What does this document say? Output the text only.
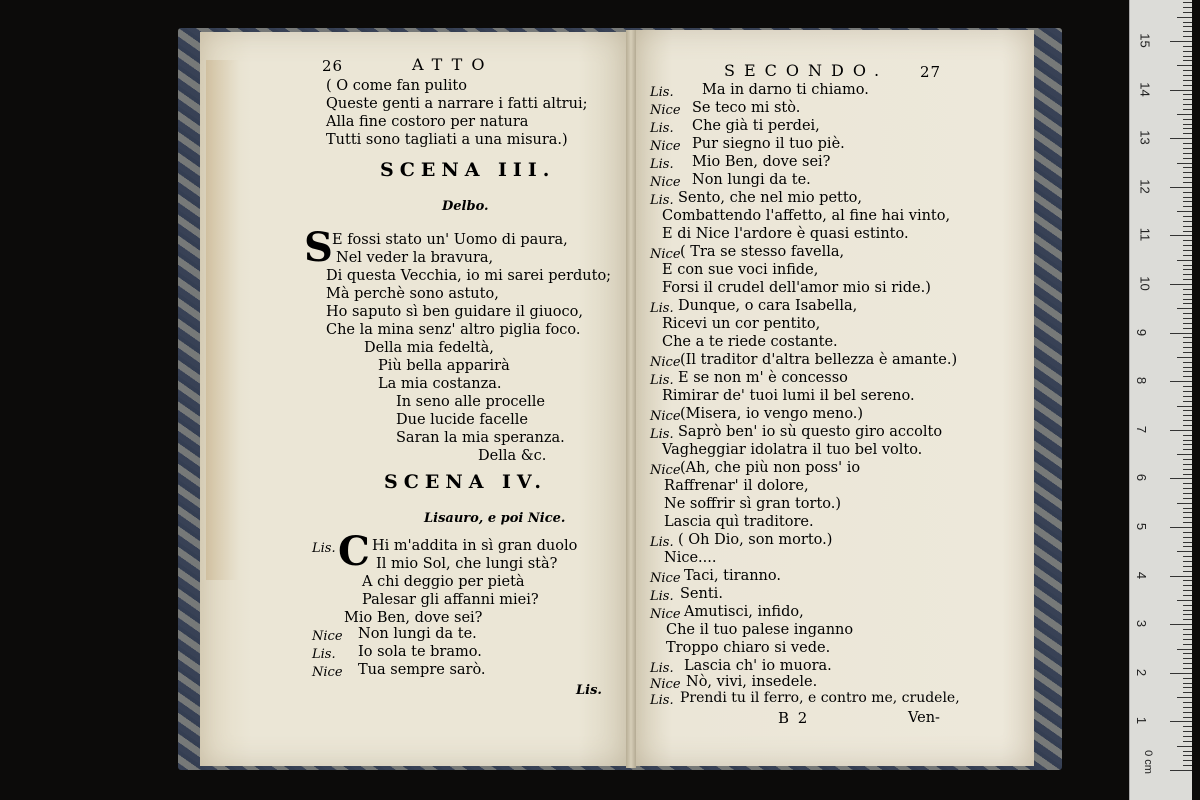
0 cm
1
2
3
4
5
6
7
8
9
10
11
12
13
14
15
26	ATTO
( O come fan pulito
Queste genti a narrare i fatti altrui;
Alla fine costoro per natura
Tutti sono tagliati a una misura.)
SCENA III.
Delbo.
S E fossi stato un' Uomo di paura,
Nel veder la bravura,
Di questa Vecchia, io mi sarei perduto;
Mà perchè sono astuto,
Ho saputo sì ben guidare il giuoco,
Che la mina senz' altro piglia foco.
Della mia fedeltà,
Più bella apparirà
La mia costanza.
In seno alle procelle
Due lucide facelle
Saran la mia speranza.
Della &c.
SCENA IV.
Lisauro, e poi Nice.
Lis. C Hi m'addita in sì gran duolo
Il mio Sol, che lungi stà?
A chi deggio per pietà
Palesar gli affanni miei?
Mio Ben, dove sei?
Nice Non lungi da te.
Lis. Io sola te bramo.
Nice Tua sempre sarò.
Lis.
SECONDO. 27
Lis. Ma in darno ti chiamo.
Nice Se teco mi stò.
Lis. Che già ti perdei,
Nice Pur siegno il tuo piè.
Lis. Mio Ben, dove sei?
Nice Non lungi da te.
Lis. Sento, che nel mio petto,
Combattendo l'affetto, al fine hai vinto,
E di Nice l'ardore è quasi estinto.
Nice ( Tra se stesso favella,
E con sue voci infide,
Forsi il crudel dell'amor mio si ride.)
Lis. Dunque, o cara Isabella,
Ricevi un cor pentito,
Che a te riede costante.
Nice (Il traditor d'altra bellezza è amante.)
Lis. E se non m' è concesso
Rimirar de' tuoi lumi il bel sereno.
Nice (Misera, io vengo meno.)
Lis. Saprò ben' io sù questo giro accolto
Vagheggiar idolatra il tuo bel volto.
Nice (Ah, che più non poss' io
Raffrenar' il dolore,
Ne soffrir sì gran torto.)
Lascia quì traditore.
Lis. ( Oh Dio, son morto.)
Nice....
Nice Taci, tiranno.
Lis. Senti.
Nice Amutisci, infido,
Che il tuo palese inganno
Troppo chiaro si vede.
Lis. Lascia ch' io muora.
Nice Nò, vivi, insedele.
Lis. Prendi tu il ferro, e contro me, crudele,
B 2	Ven-
